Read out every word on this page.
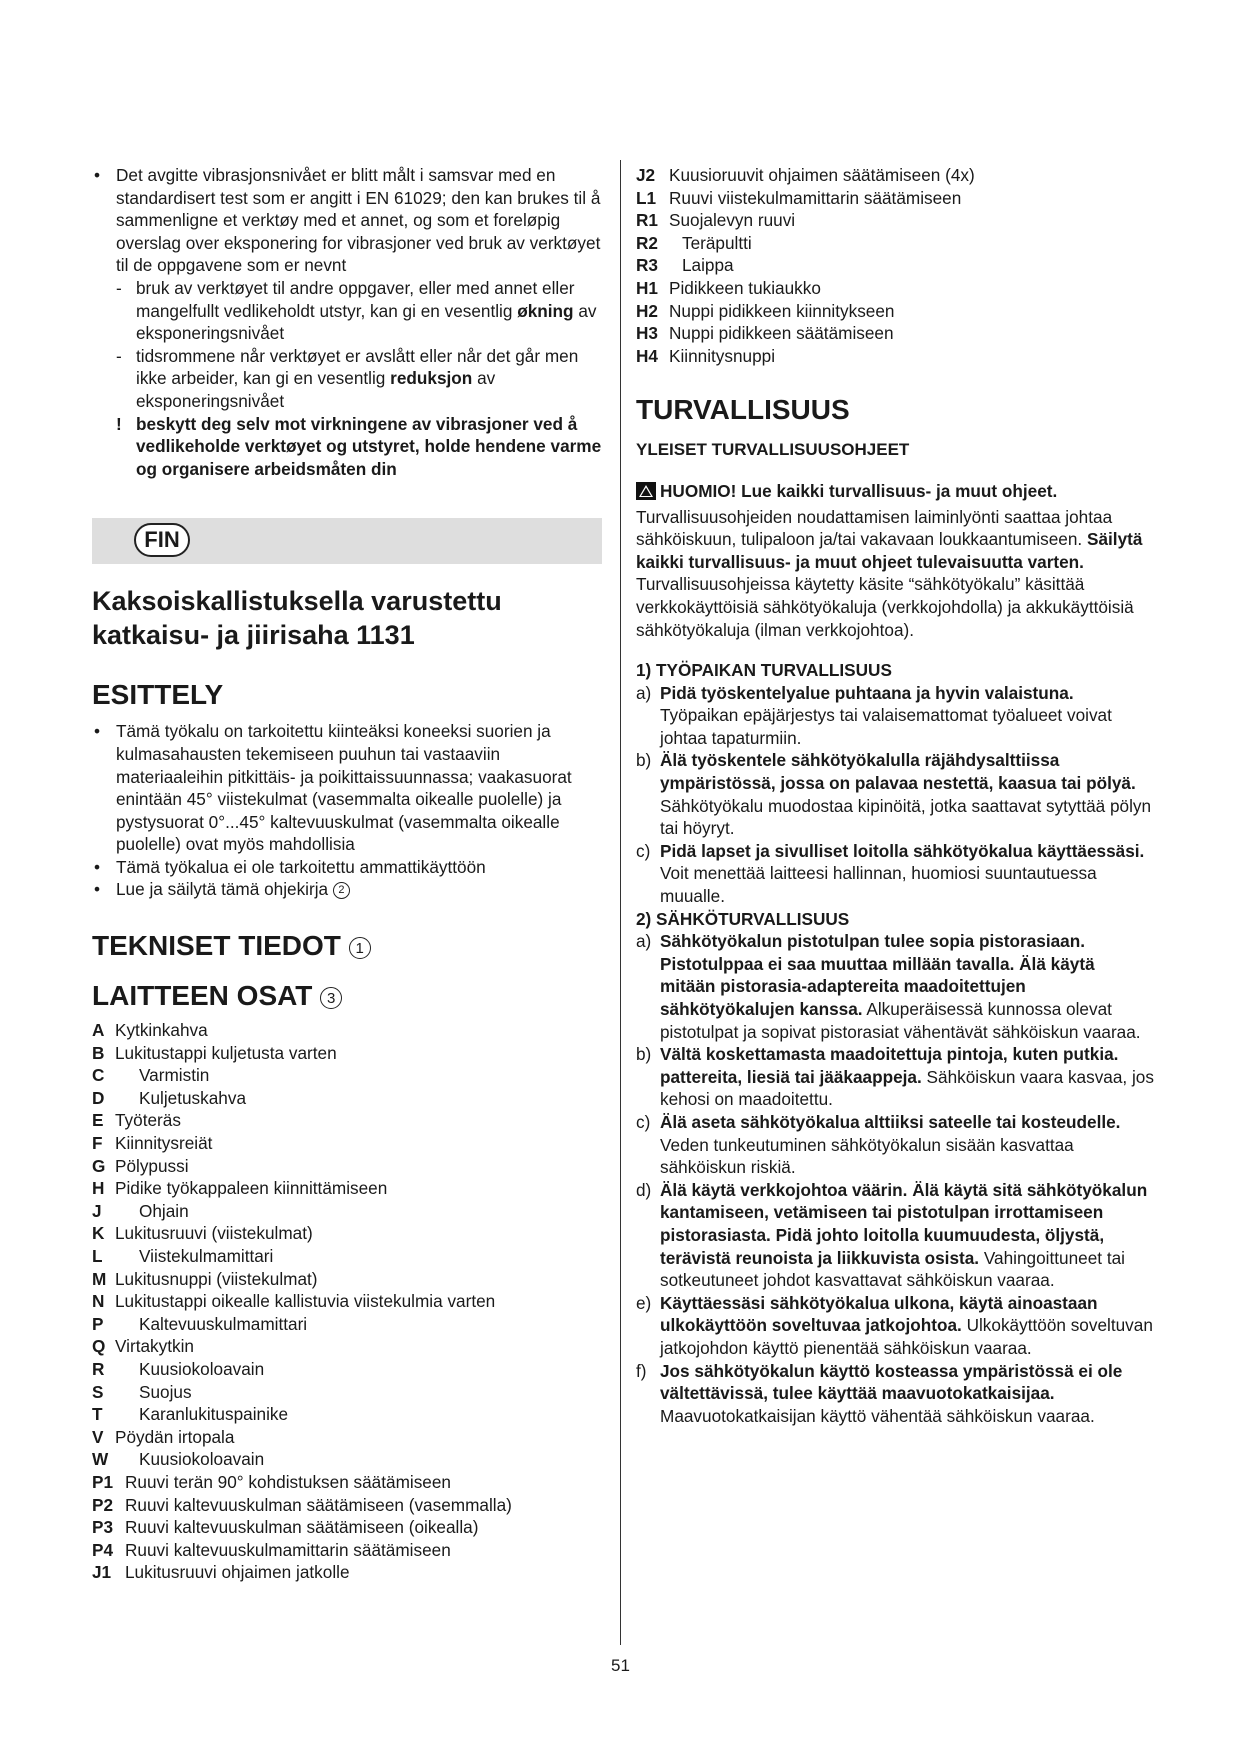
• Det avgitte vibrasjonsnivået er blitt målt i samsvar med en standardisert test som er angitt i EN 61029; den kan brukes til å sammenligne et verktøy med et annet, og som et foreløpig overslag over eksponering for vibrasjoner ved bruk av verktøyet til de oppgavene som er nevnt

- bruk av verktøyet til andre oppgaver, eller med annet eller mangelfullt vedlikeholdt utstyr, kan gi en vesentlig økning av eksponeringsnivået

- tidsrommene når verktøyet er avslått eller når det går men ikke arbeider, kan gi en vesentlig reduksjon av eksponeringsnivået

! beskytt deg selv mot virkningene av vibrasjoner ved å vedlikeholde verktøyet og utstyret, holde hendene varme og organisere arbeidsmåten din

FIN

Kaksoiskallistuksella varustettu katkaisu- ja jiirisaha 1131

ESITTELY

• Tämä työkalu on tarkoitettu kiinteäksi koneeksi suorien ja kulmasahausten tekemiseen puuhun tai vastaaviin materiaaleihin pitkittäis- ja poikittaissuunnassa; vaakasuorat enintään 45° viistekulmat (vasemmalta oikealle puolelle) ja pystysuorat 0°...45° kaltevuuskulmat (vasemmalta oikealle puolelle) ovat myös mahdollisia

• Tämä työkalua ei ole tarkoitettu ammattikäyttöön

• Lue ja säilytä tämä ohjekirja 2

TEKNISET TIEDOT 1
LAITTEEN OSAT 3
A Kytkinkahva
B Lukitustappi kuljetusta varten
C	Varmistin
D	Kuljetuskahva
E Työteräs
F Kiinnitysreiät
G Pölypussi
H Pidike työkappaleen kiinnittämiseen
J	Ohjain
K Lukitusruuvi (viistekulmat)
L	Viistekulmamittari
M Lukitusnuppi (viistekulmat)
N Lukitustappi oikealle kallistuvia viistekulmia varten
P	Kaltevuuskulmamittari
Q Virtakytkin
R	Kuusiokoloavain
S	Suojus
T	Karanlukituspainike
V Pöydän irtopala
W	Kuusiokoloavain
P1 Ruuvi terän 90° kohdistuksen säätämiseen
P2 Ruuvi kaltevuuskulman säätämiseen (vasemmalla)
P3 Ruuvi kaltevuuskulman säätämiseen (oikealla)
P4 Ruuvi kaltevuuskulmamittarin säätämiseen
J1 Lukitusruuvi ohjaimen jatkolle
J2 Kuusioruuvit ohjaimen säätämiseen (4x)
L1 Ruuvi viistekulmamittarin säätämiseen
R1 Suojalevyn ruuvi
R2	Teräpultti
R3	Laippa
H1 Pidikkeen tukiaukko
H2 Nuppi pidikkeen kiinnitykseen
H3 Nuppi pidikkeen säätämiseen
H4 Kiinnitysnuppi
TURVALLISUUS

YLEISET TURVALLISUUSOHJEET

HUOMIO! Lue kaikki turvallisuus- ja muut ohjeet. Turvallisuusohjeiden noudattamisen laiminlyönti saattaa johtaa sähköiskuun, tulipaloon ja/tai vakavaan loukkaantumiseen. Säilytä kaikki turvallisuus- ja muut ohjeet tulevaisuutta varten. Turvallisuusohjeissa käytetty käsite “sähkötyökalu” käsittää verkkokäyttöisiä sähkötyökaluja (verkkojohdolla) ja akkukäyttöisiä sähkötyökaluja (ilman verkkojohtoa).

1) TYÖPAIKAN TURVALLISUUS

a) Pidä työskentelyalue puhtaana ja hyvin valaistuna. Työpaikan epäjärjestys tai valaisemattomat työalueet voivat johtaa tapaturmiin.
b) Älä työskentele sähkötyökalulla räjähdysalttiissa ympäristössä, jossa on palavaa nestettä, kaasua tai pölyä. Sähkötyökalu muodostaa kipinöitä, jotka saattavat sytyttää pölyn tai höyryt.
c) Pidä lapset ja sivulliset loitolla sähkötyökalua käyttäessäsi. Voit menettää laitteesi hallinnan, huomiosi suuntautuessa muualle.

2) SÄHKÖTURVALLISUUS

a) Sähkötyökalun pistotulpan tulee sopia pistorasiaan. Pistotulppaa ei saa muuttaa millään tavalla. Älä käytä mitään pistorasia-adaptereita maadoitettujen sähkötyökalujen kanssa. Alkuperäisessä kunnossa olevat pistotulpat ja sopivat pistorasiat vähentävät sähköiskun vaaraa.
b) Vältä koskettamasta maadoitettuja pintoja, kuten putkia. pattereita, liesiä tai jääkaappeja. Sähköiskun vaara kasvaa, jos kehosi on maadoitettu.
c) Älä aseta sähkötyökalua alttiiksi sateelle tai kosteudelle. Veden tunkeutuminen sähkötyökalun sisään kasvattaa sähköiskun riskiä.
d) Älä käytä verkkojohtoa väärin. Älä käytä sitä sähkötyökalun kantamiseen, vetämiseen tai pistotulpan irrottamiseen pistorasiasta. Pidä johto loitolla kuumuudesta, öljystä, terävistä reunoista ja liikkuvista osista. Vahingoittuneet tai sotkeutuneet johdot kasvattavat sähköiskun vaaraa.
e) Käyttäessäsi sähkötyökalua ulkona, käytä ainoastaan ulkokäyttöön soveltuvaa jatkojohtoa. Ulkokäyttöön soveltuvan jatkojohdon käyttö pienentää sähköiskun vaaraa.
f) Jos sähkötyökalun käyttö kosteassa ympäristössä ei ole vältettävissä, tulee käyttää maavuotokatkaisijaa. Maavuotokatkaisijan käyttö vähentää sähköiskun vaaraa.
51
